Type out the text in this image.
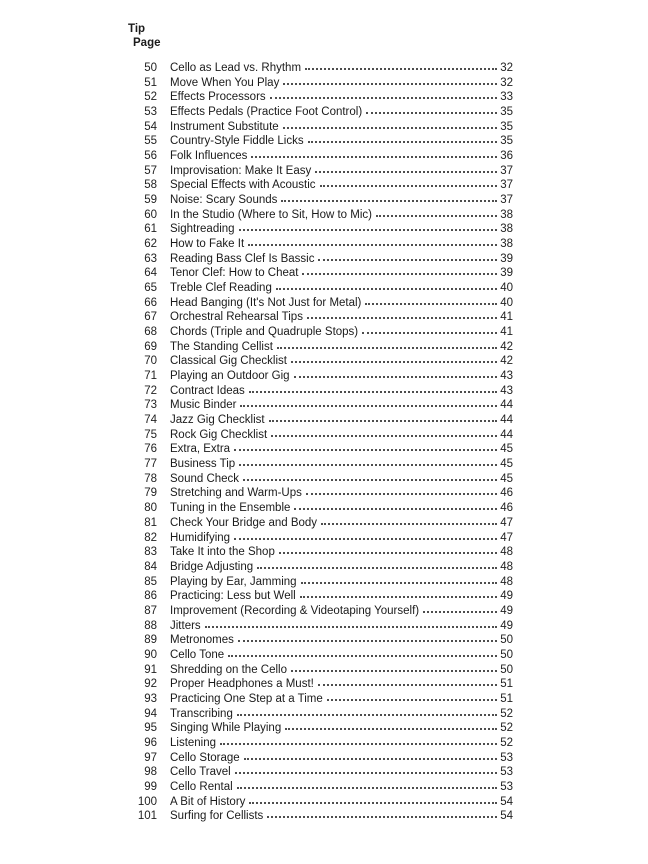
Tip
Page
50 Cello as Lead vs. Rhythm	32
51 Move When You Play	32
52 Effects Processors	33
53 Effects Pedals (Practice Foot Control)	35
54 Instrument Substitute	35
55 Country-Style Fiddle Licks	35
56 Folk Influences	36
57 Improvisation: Make It Easy	37
58 Special Effects with Acoustic	37
59 Noise: Scary Sounds	37
60 In the Studio (Where to Sit, How to Mic)	38
61 Sightreading	38
62 How to Fake It	38
63 Reading Bass Clef Is Bassic	39
64 Tenor Clef: How to Cheat	39
65 Treble Clef Reading	40
66 Head Banging (It's Not Just for Metal)	40
67 Orchestral Rehearsal Tips	41
68 Chords (Triple and Quadruple Stops)	41
69 The Standing Cellist	42
70 Classical Gig Checklist	42
71 Playing an Outdoor Gig	43
72 Contract Ideas	43
73 Music Binder	44
74 Jazz Gig Checklist	44
75 Rock Gig Checklist	44
76 Extra, Extra	45
77 Business Tip	45
78 Sound Check	45
79 Stretching and Warm-Ups	46
80 Tuning in the Ensemble	46
81 Check Your Bridge and Body	47
82 Humidifying	47
83 Take It into the Shop	48
84 Bridge Adjusting	48
85 Playing by Ear, Jamming	48
86 Practicing: Less but Well	49
87 Improvement (Recording & Videotaping Yourself)	49
88 Jitters	49
89 Metronomes	50
90 Cello Tone	50
91 Shredding on the Cello	50
92 Proper Headphones a Must!	51
93 Practicing One Step at a Time	51
94 Transcribing	52
95 Singing While Playing	52
96 Listening	52
97 Cello Storage	53
98 Cello Travel	53
99 Cello Rental	53
100 A Bit of History	54
101 Surfing for Cellists	54
